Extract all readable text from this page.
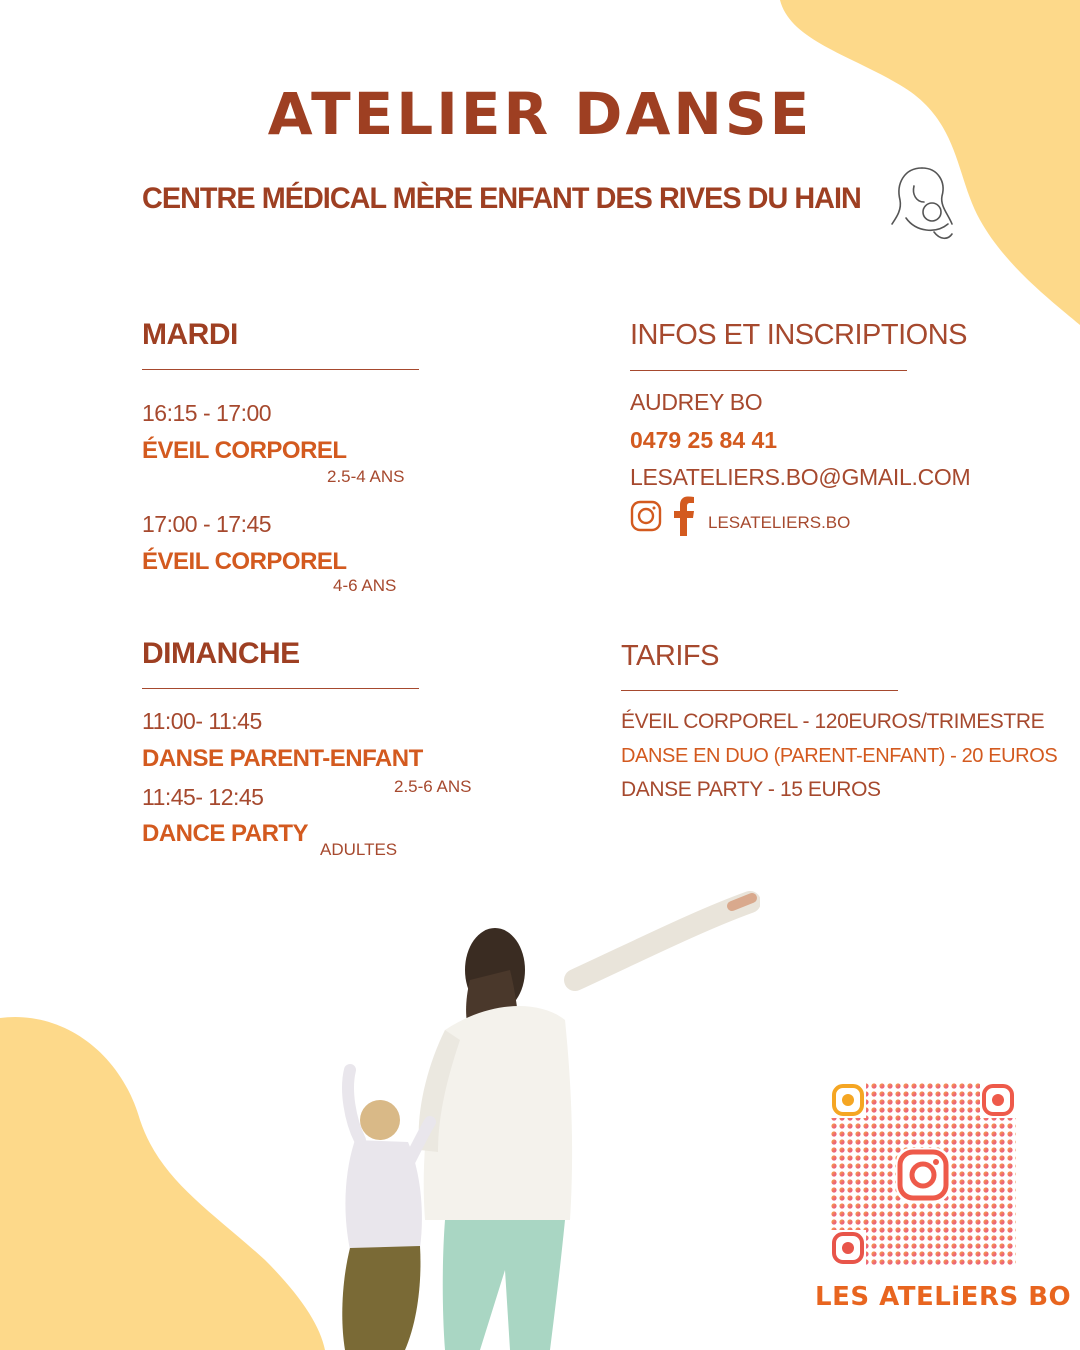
ATELIER DANSE
CENTRE MÉDICAL MÈRE ENFANT DES RIVES DU HAIN
MARDI
16:15 - 17:00
ÉVEIL CORPOREL
2.5-4 ANS
17:00 - 17:45
ÉVEIL CORPOREL
4-6 ANS
DIMANCHE
11:00- 11:45
DANSE PARENT-ENFANT
2.5-6 ANS
11:45- 12:45
DANCE PARTY
ADULTES
INFOS ET INSCRIPTIONS
AUDREY BO
0479 25 84 41
LESATELIERS.BO@GMAIL.COM
LESATELIERS.BO
TARIFS
ÉVEIL CORPOREL - 120EUROS/TRIMESTRE
DANSE EN DUO (PARENT-ENFANT) - 20 EUROS
DANSE PARTY - 15 EUROS
LES ATELiERS BO
